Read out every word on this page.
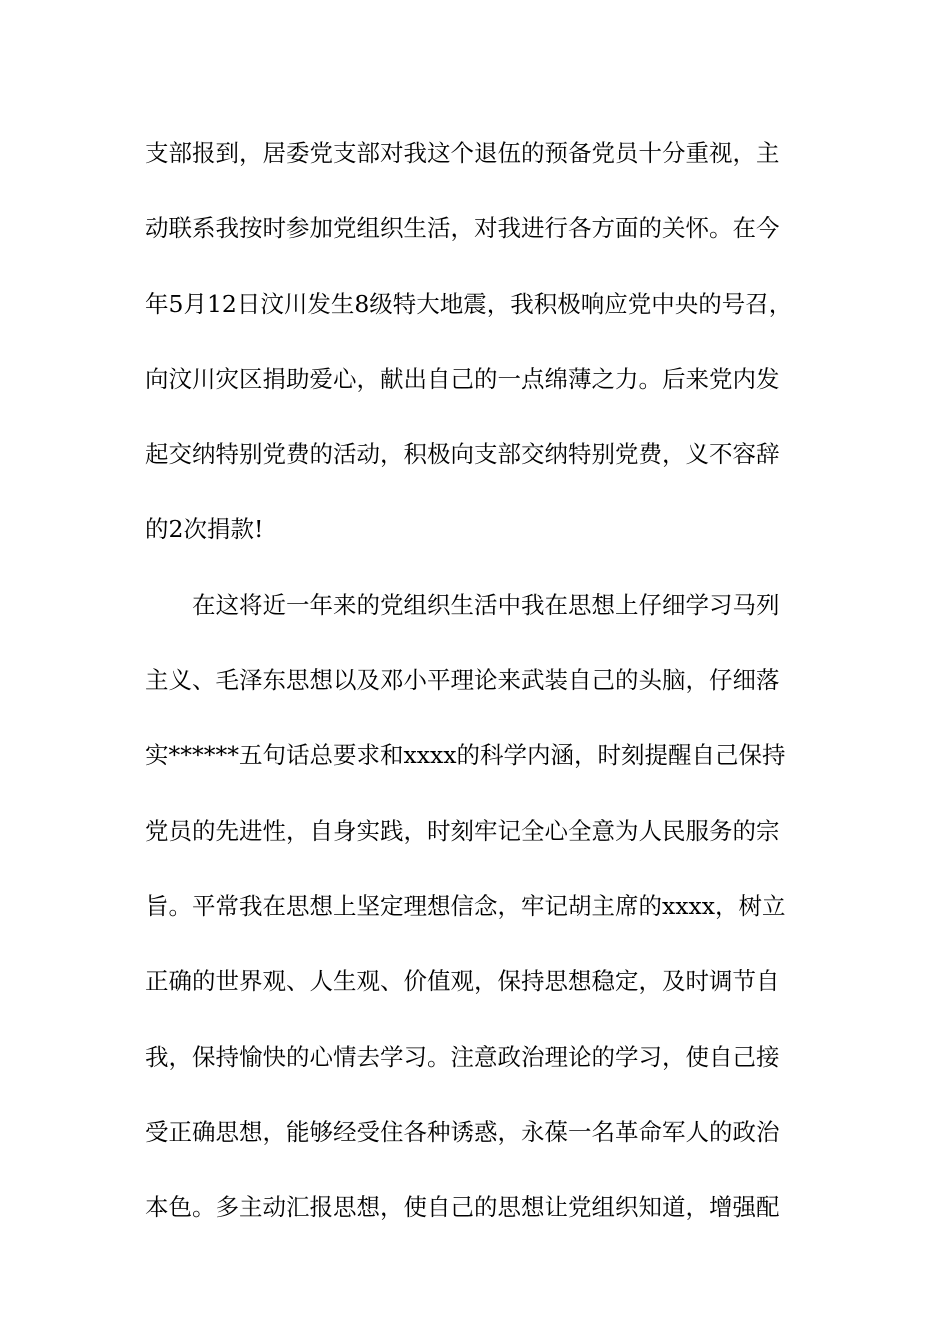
支部报到，居委党支部对我这个退伍的预备党员十分重视，主
动联系我按时参加党组织生活，对我进行各方面的关怀。在今
年5月12日汶川发生8级特大地震，我积极响应党中央的号召，
向汶川灾区捐助爱心，献出自己的一点绵薄之力。后来党内发
起交纳特别党费的活动，积极向支部交纳特别党费，义不容辞
的2次捐款!
在这将近一年来的党组织生活中我在思想上仔细学习马列
主义、毛泽东思想以及邓小平理论来武装自己的头脑，仔细落
实******五句话总要求和xxxx的科学内涵，时刻提醒自己保持
党员的先进性，自身实践，时刻牢记全心全意为人民服务的宗
旨。平常我在思想上坚定理想信念，牢记胡主席的xxxx，树立
正确的世界观、人生观、价值观，保持思想稳定，及时调节自
我，保持愉快的心情去学习。注意政治理论的学习，使自己接
受正确思想，能够经受住各种诱惑，永葆一名革命军人的政治
本色。多主动汇报思想，使自己的思想让党组织知道，增强配
